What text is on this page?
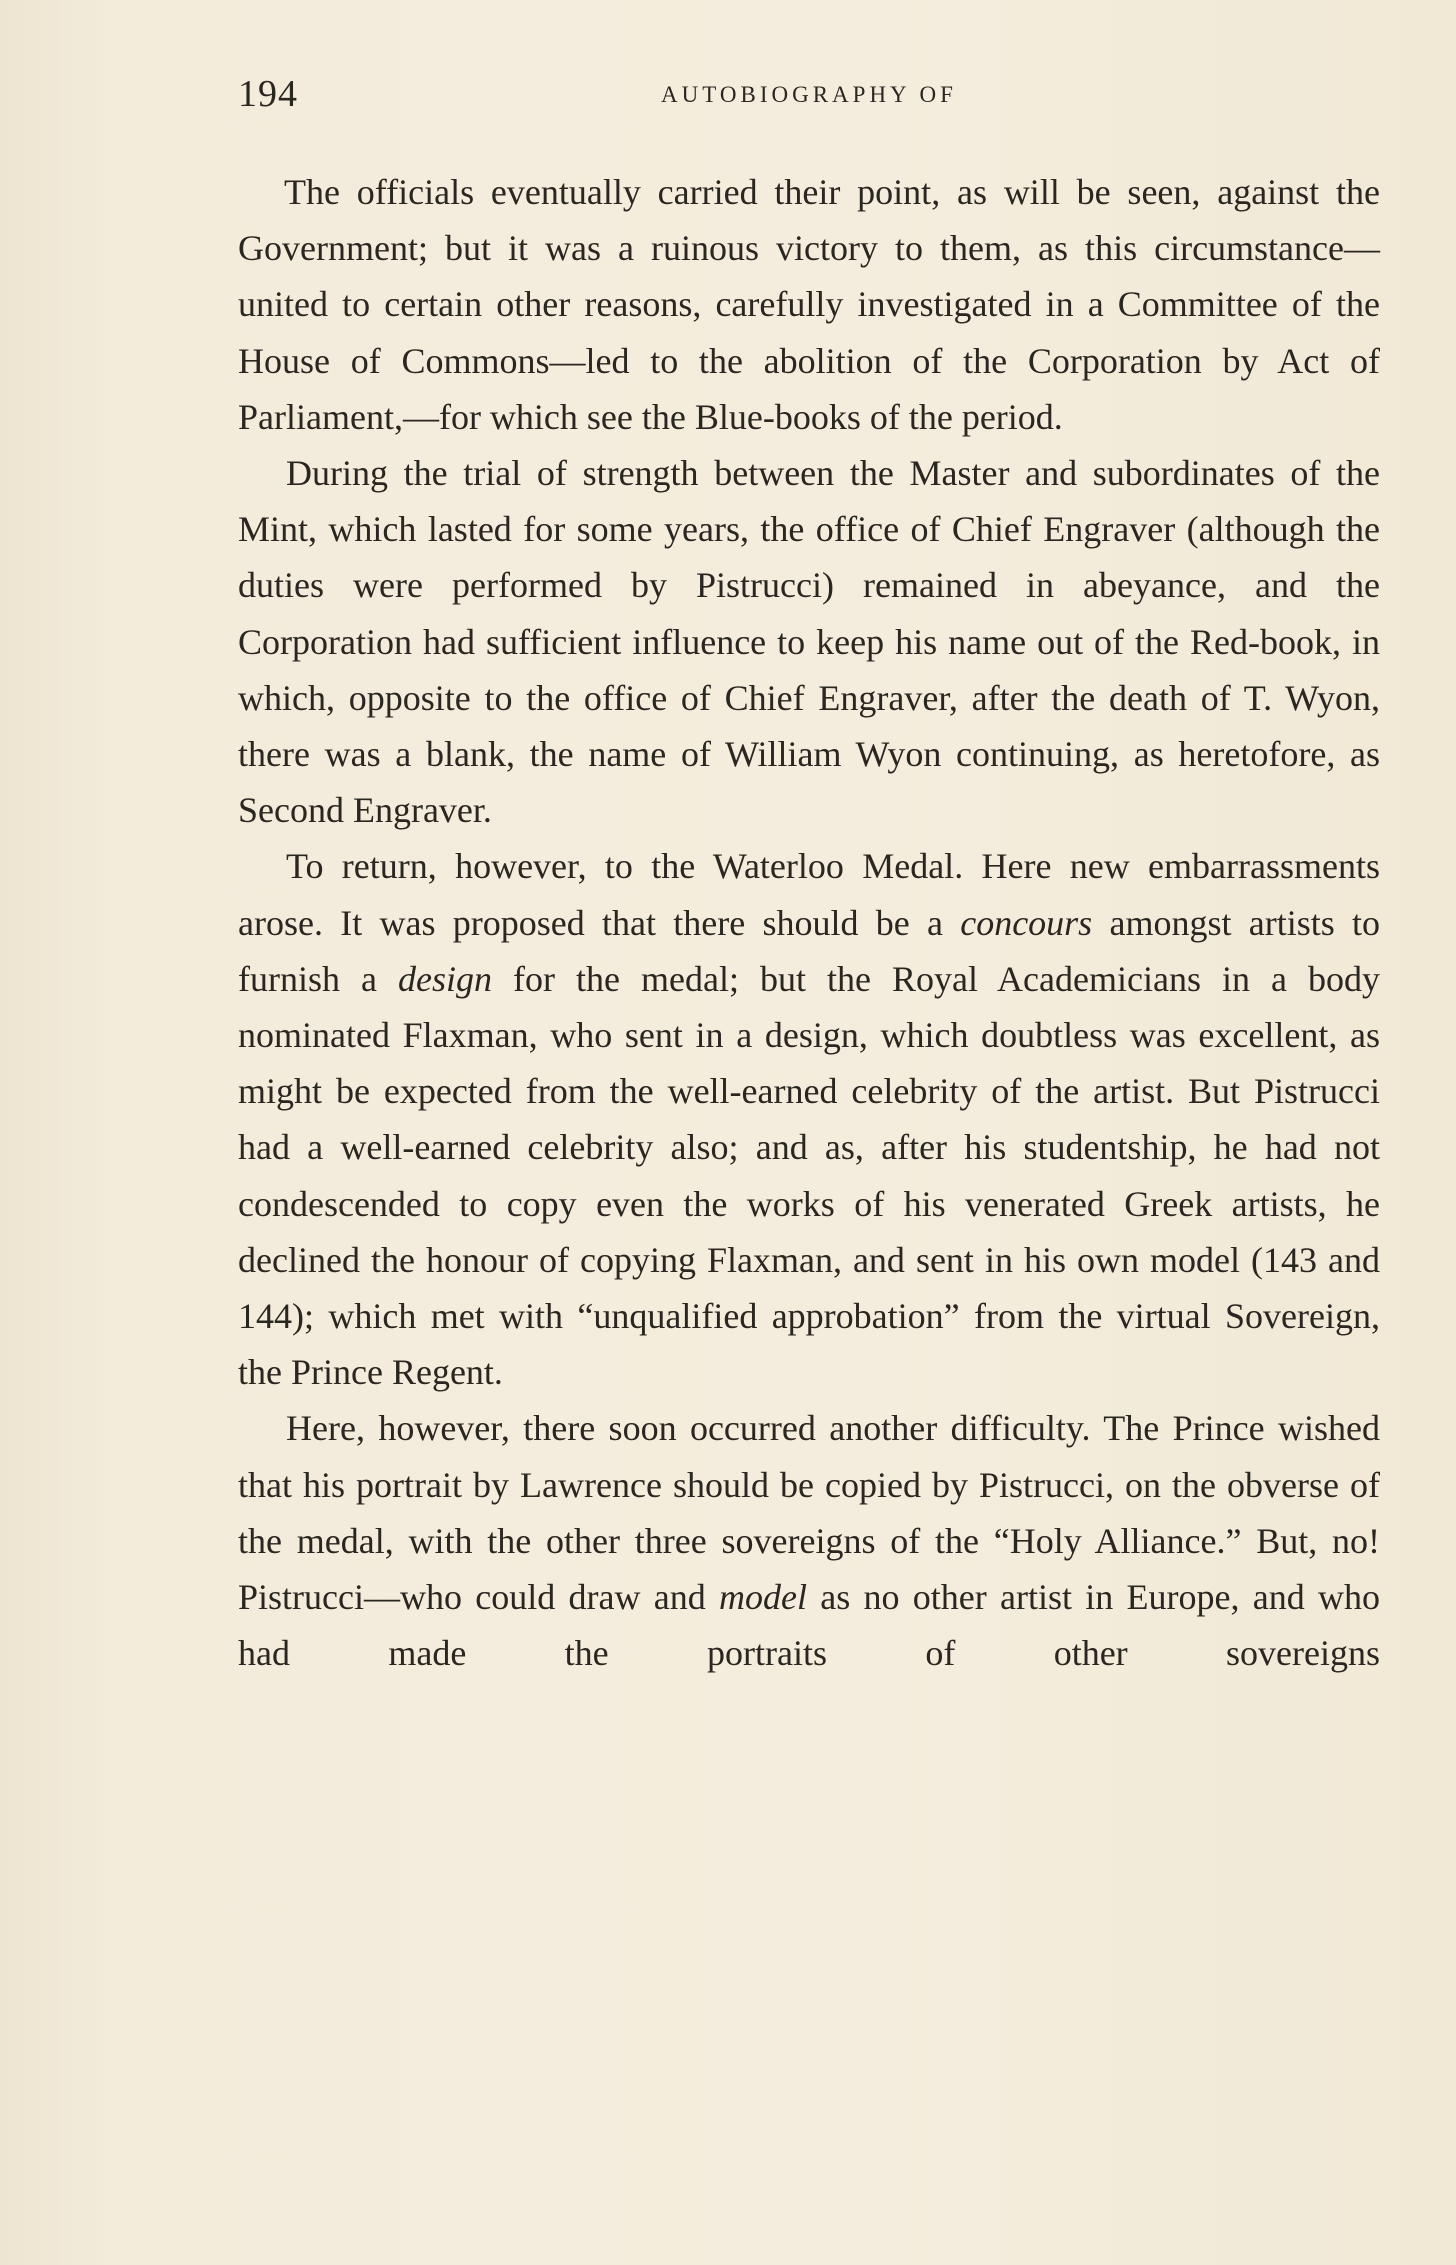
194	AUTOBIOGRAPHY OF

The officials eventually carried their point, as will be seen, against the Government; but it was a ruinous victory to them, as this circumstance—united to certain other reasons, carefully investigated in a Committee of the House of Commons—led to the abolition of the Corporation by Act of Parliament,—for which see the Blue-books of the period.

During the trial of strength between the Master and subordinates of the Mint, which lasted for some years, the office of Chief Engraver (although the duties were performed by Pistrucci) remained in abeyance, and the Corporation had sufficient influence to keep his name out of the Red-book, in which, opposite to the office of Chief Engraver, after the death of T. Wyon, there was a blank, the name of William Wyon continuing, as heretofore, as Second Engraver.

To return, however, to the Waterloo Medal. Here new embarrassments arose. It was proposed that there should be a concours amongst artists to furnish a design for the medal; but the Royal Academicians in a body nominated Flaxman, who sent in a design, which doubtless was excellent, as might be expected from the well-earned celebrity of the artist. But Pistrucci had a well-earned celebrity also; and as, after his studentship, he had not condescended to copy even the works of his venerated Greek artists, he declined the honour of copying Flaxman, and sent in his own model (143 and 144); which met with “unqualified approbation” from the virtual Sovereign, the Prince Regent.

Here, however, there soon occurred another difficulty. The Prince wished that his portrait by Lawrence should be copied by Pistrucci, on the obverse of the medal, with the other three sovereigns of the “Holy Alliance.” But, no! Pistrucci—who could draw and model as no other artist in Europe, and who had made the portraits of other sovereigns
